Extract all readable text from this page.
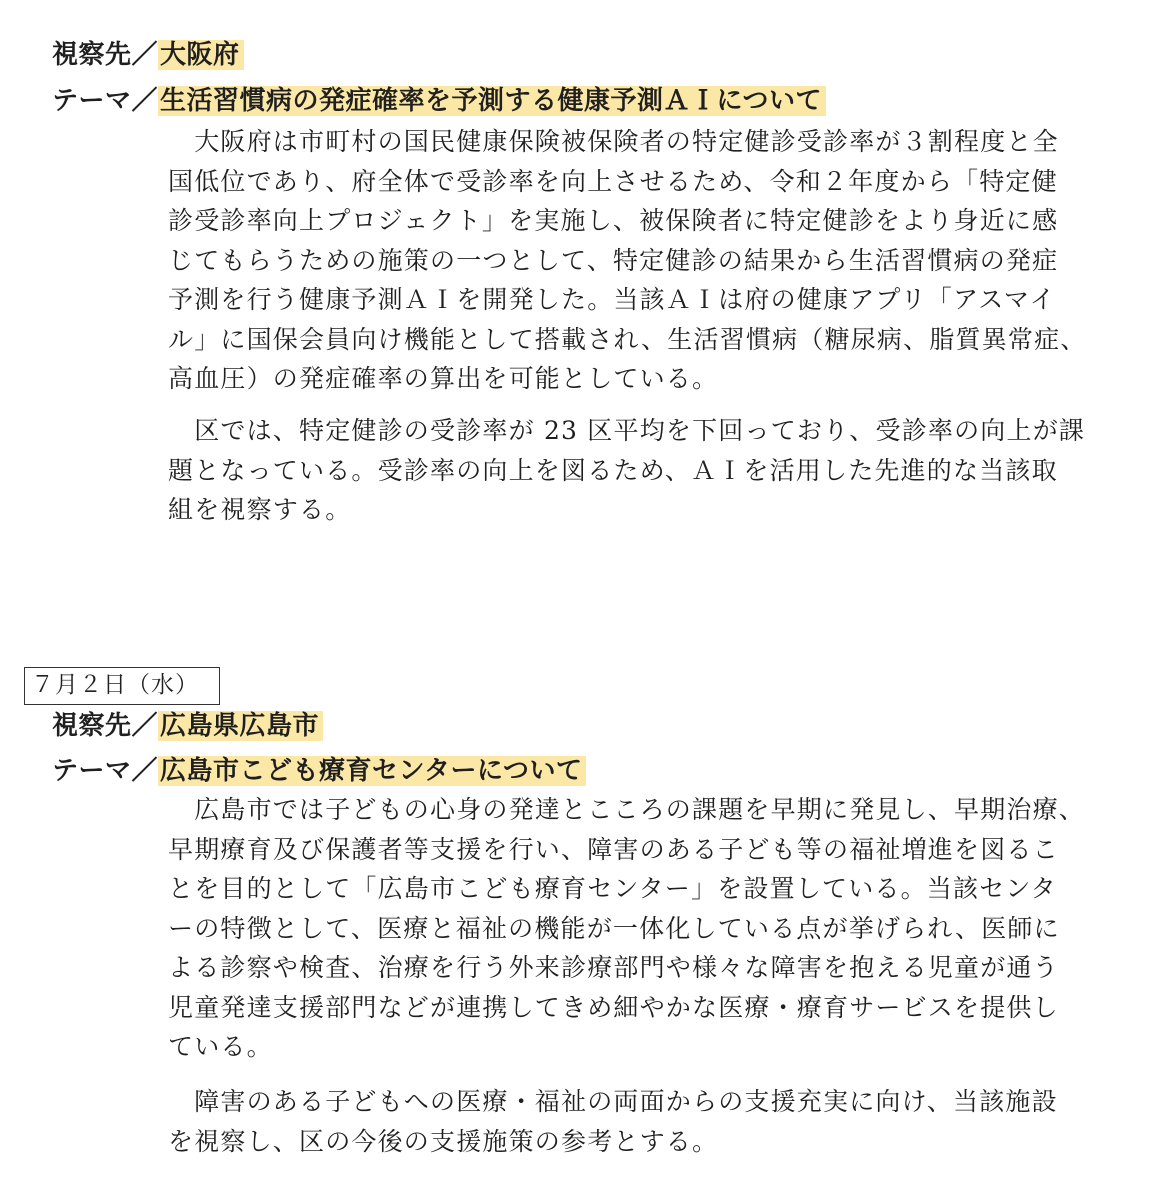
視察先／大阪府
テーマ／生活習慣病の発症確率を予測する健康予測ＡＩについて

　大阪府は市町村の国民健康保険被保険者の特定健診受診率が３割程度と全
国低位であり、府全体で受診率を向上させるため、令和２年度から「特定健
診受診率向上プロジェクト」を実施し、被保険者に特定健診をより身近に感
じてもらうための施策の一つとして、特定健診の結果から生活習慣病の発症
予測を行う健康予測ＡＩを開発した。当該ＡＩは府の健康アプリ「アスマイ
ル」に国保会員向け機能として搭載され、生活習慣病（糖尿病、脂質異常症、
高血圧）の発症確率の算出を可能としている。

　区では、特定健診の受診率が 23 区平均を下回っており、受診率の向上が課
題となっている。受診率の向上を図るため、ＡＩを活用した先進的な当該取
組を視察する。

７月２日（水）
視察先／広島県広島市
テーマ／広島市こども療育センターについて

　広島市では子どもの心身の発達とこころの課題を早期に発見し、早期治療、
早期療育及び保護者等支援を行い、障害のある子ども等の福祉増進を図るこ
とを目的として「広島市こども療育センター」を設置している。当該センタ
ーの特徴として、医療と福祉の機能が一体化している点が挙げられ、医師に
よる診察や検査、治療を行う外来診療部門や様々な障害を抱える児童が通う
児童発達支援部門などが連携してきめ細やかな医療・療育サービスを提供し
ている。

　障害のある子どもへの医療・福祉の両面からの支援充実に向け、当該施設
を視察し、区の今後の支援施策の参考とする。
